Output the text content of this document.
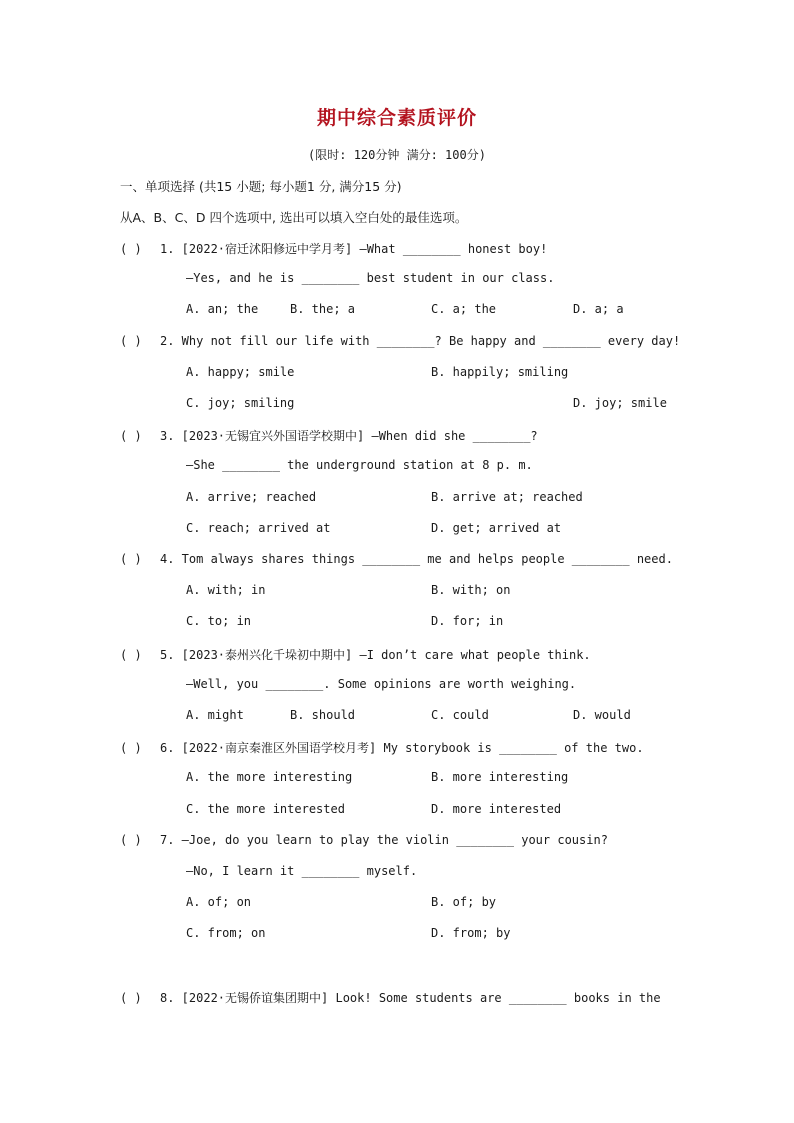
期中综合素质评价
(限时: 120分钟 满分: 100分)
一、单项选择 (共15 小题; 每小题1 分, 满分15 分)
从A、B、C、D 四个选项中, 选出可以填入空白处的最佳选项。
( ) 1. [2022·宿迁沭阳修远中学月考] —What ________ honest boy!
—Yes, and he is ________ best student in our class.
A. an; the	B. the; a	C. a; the	D. a; a
( ) 2. Why not fill our life with ________? Be happy and ________ every day!
A. happy; smile	B. happily; smiling
C. joy; smiling	D. joy; smile
( ) 3. [2023·无锡宜兴外国语学校期中] —When did she ________?
—She ________ the underground station at 8 p. m.
A. arrive; reached	B. arrive at; reached
C. reach; arrived at	D. get; arrived at
( ) 4. Tom always shares things ________ me and helps people ________ need.
A. with; in	B. with; on
C. to; in	D. for; in
( ) 5. [2023·泰州兴化千垛初中期中] —I don’t care what people think.
—Well, you ________. Some opinions are worth weighing.
A. might	B. should	C. could	D. would
( ) 6. [2022·南京秦淮区外国语学校月考] My storybook is ________ of the two.
A. the more interesting	B. more interesting
C. the more interested	D. more interested
( ) 7. —Joe, do you learn to play the violin ________ your cousin?
—No, I learn it ________ myself.
A. of; on	B. of; by
C. from; on	D. from; by
( ) 8. [2022·无锡侨谊集团期中] Look! Some students are ________ books in the
